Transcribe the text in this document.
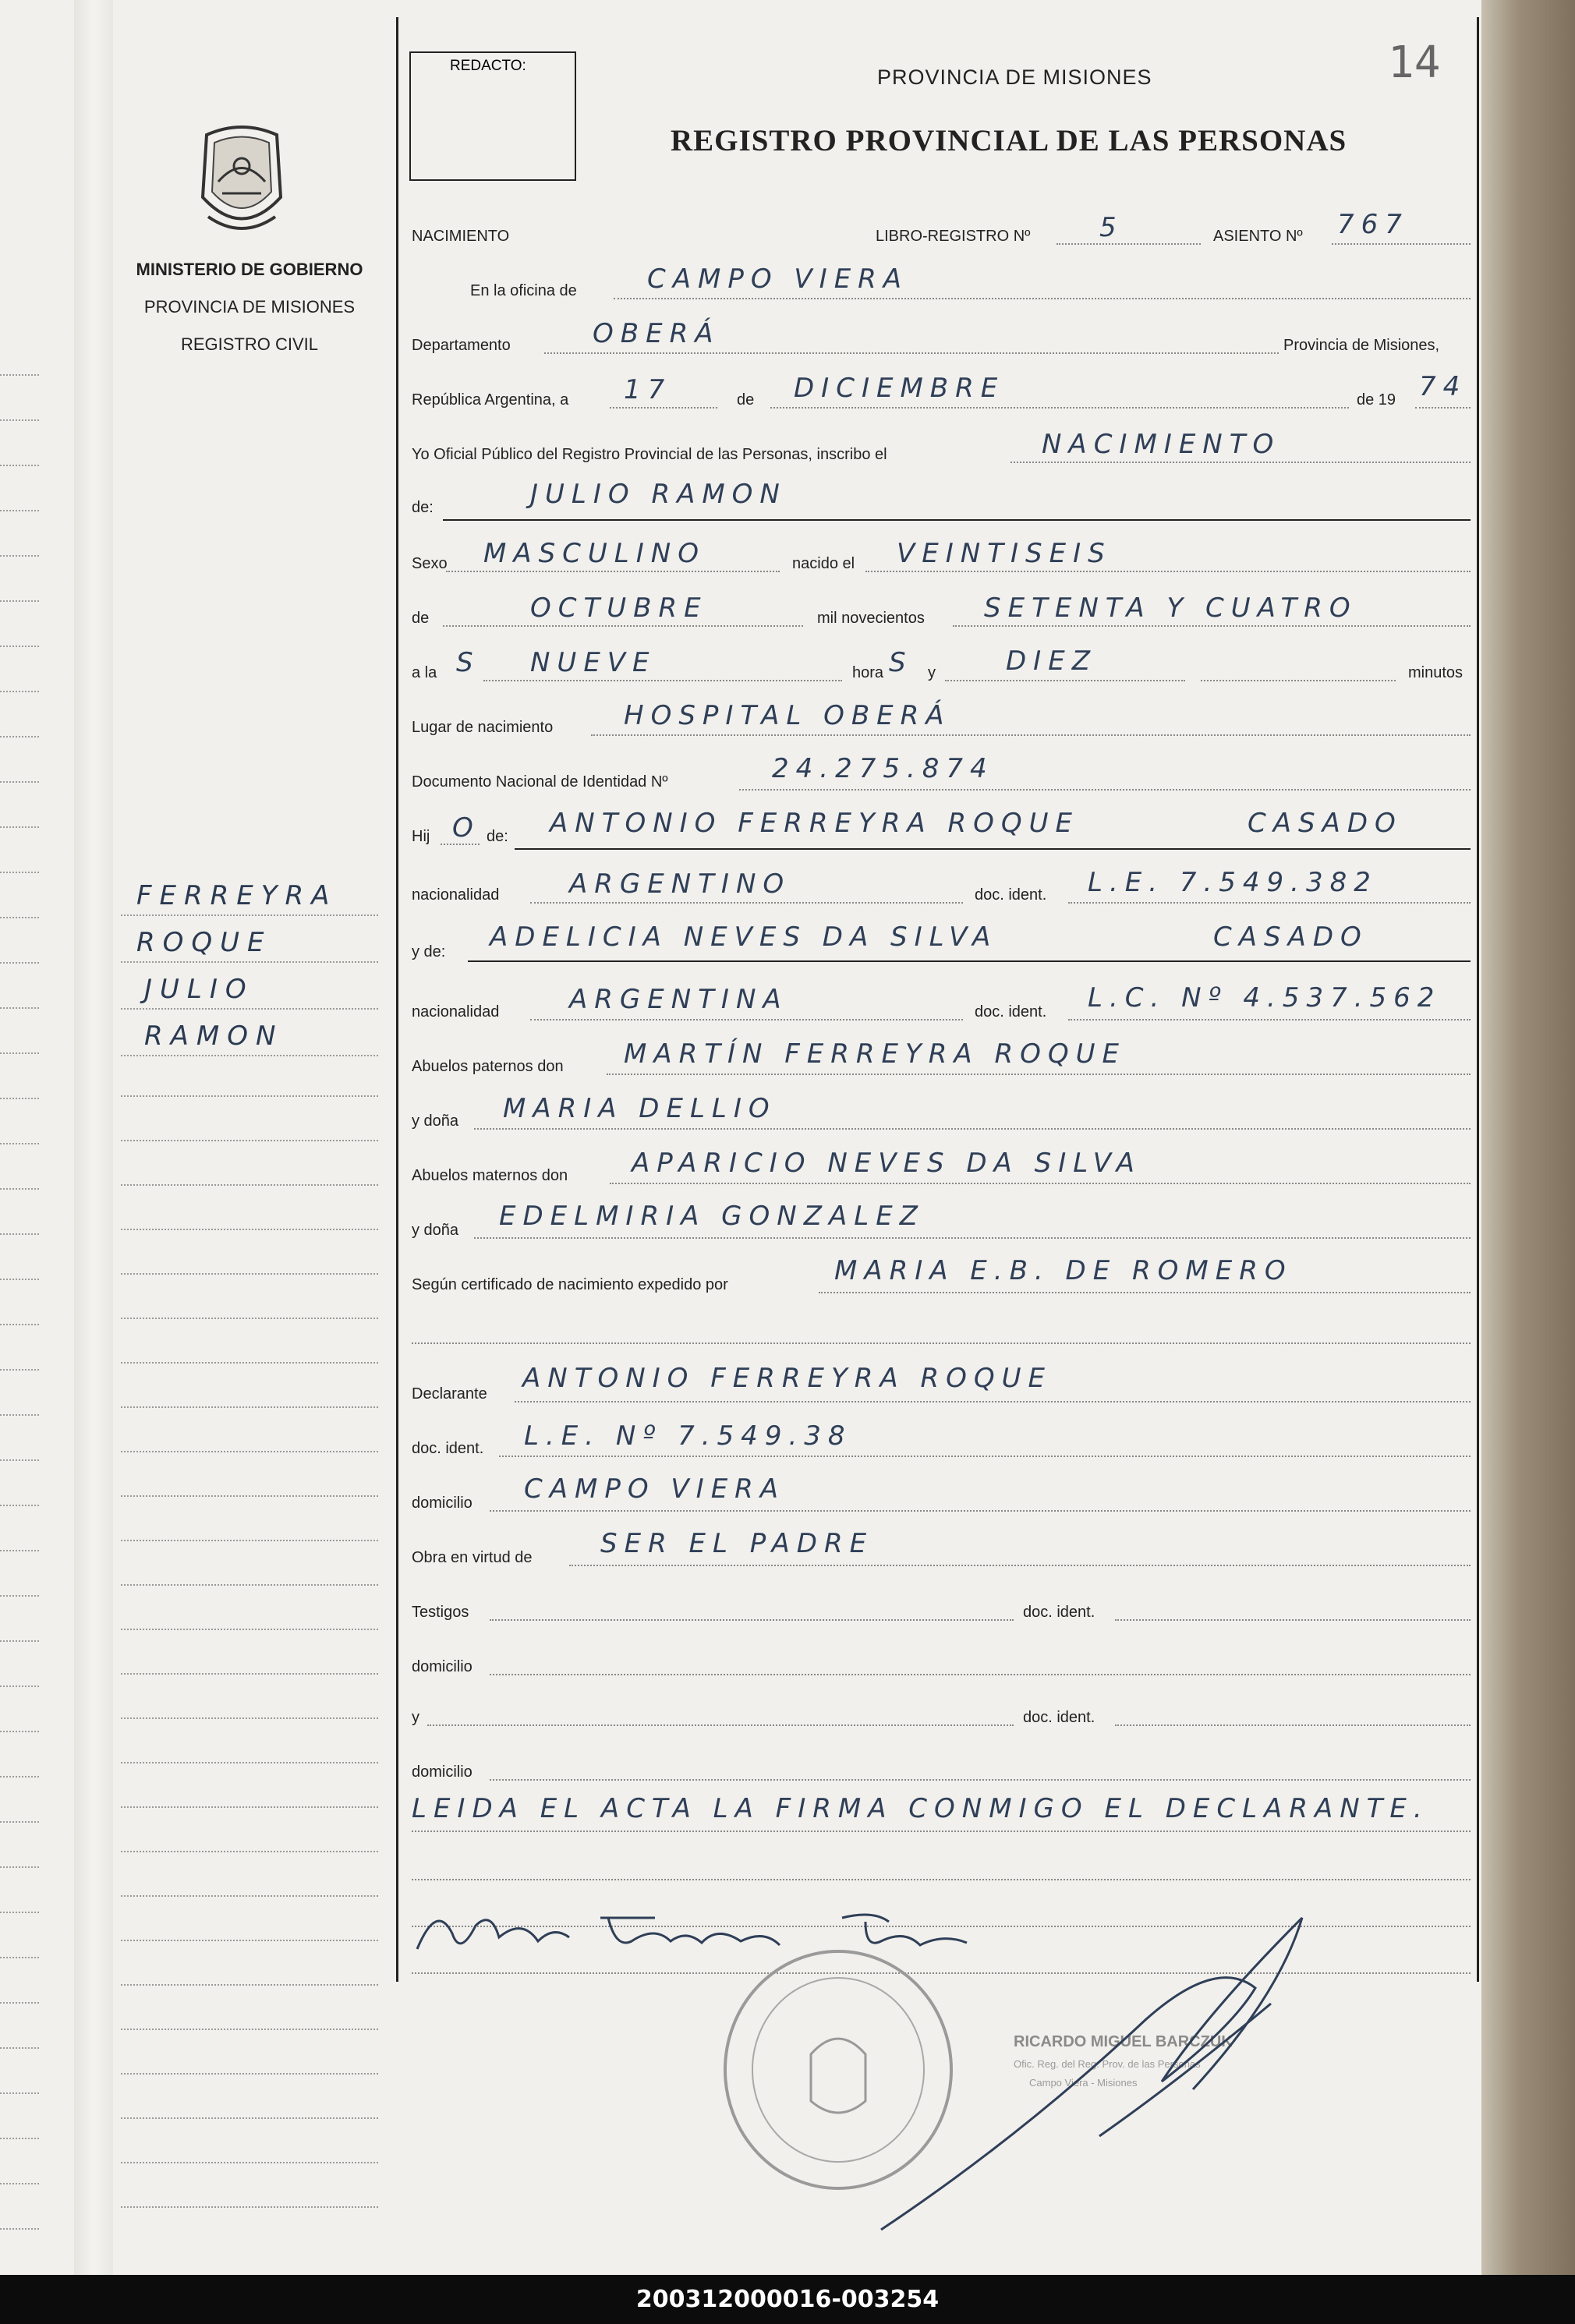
MINISTERIO DE GOBIERNO
PROVINCIA DE MISIONES
REGISTRO CIVIL
FERREYRA
ROQUE
JULIO
RAMON
REDACTO:	PROVINCIA DE MISIONES	14
REGISTRO PROVINCIAL DE LAS PERSONAS
NACIMIENTO	LIBRO-REGISTRO Nº	5	ASIENTO Nº 767
En la oficina de	CAMPO VIERA
Departamento	OBERÁ	Provincia de Misiones,
República Argentina, a 17	de DICIEMBRE	de 19 74
Yo Oficial Público del Registro Provincial de las Personas, inscribo el	NACIMIENTO
de:	JULIO RAMON
Sexo MASCULINO	nacido el VEINTISEIS
de	OCTUBRE	mil novecientos SETENTA Y CUATRO
a la S NUEVE	hora S y	DIEZ	minutos
Lugar de nacimiento	HOSPITAL OBERÁ
Documento Nacional de Identidad Nº	24.275.874
Hij O de: ANTONIO FERREYRA ROQUE	CASADO
nacionalidad	ARGENTINO	doc. ident. L.E. 7.549.382
y de: ADELICIA NEVES DA SILVA	CASADO
nacionalidad	ARGENTINA	doc. ident. L.C. Nº 4.537.562
Abuelos paternos don MARTÍN FERREYRA ROQUE
y doña MARIA DELLIO
Abuelos maternos don APARICIO NEVES DA SILVA
y doña EDELMIRIA GONZALEZ
Según certificado de nacimiento expedido por	MARIA E.B. DE ROMERO
Declarante ANTONIO FERREYRA ROQUE
doc. ident. L.E. Nº 7.549.38
domicilio CAMPO VIERA
Obra en virtud de	SER EL PADRE
Testigos	doc. ident.
domicilio
y	doc. ident.
domicilio
LEIDA EL ACTA LA FIRMA CONMIGO EL DECLARANTE.
RICARDO MIGUEL BARCZUK
Ofic. Reg. del Reg. Prov. de las Personas
Campo Viera - Misiones
200312000016-003254
